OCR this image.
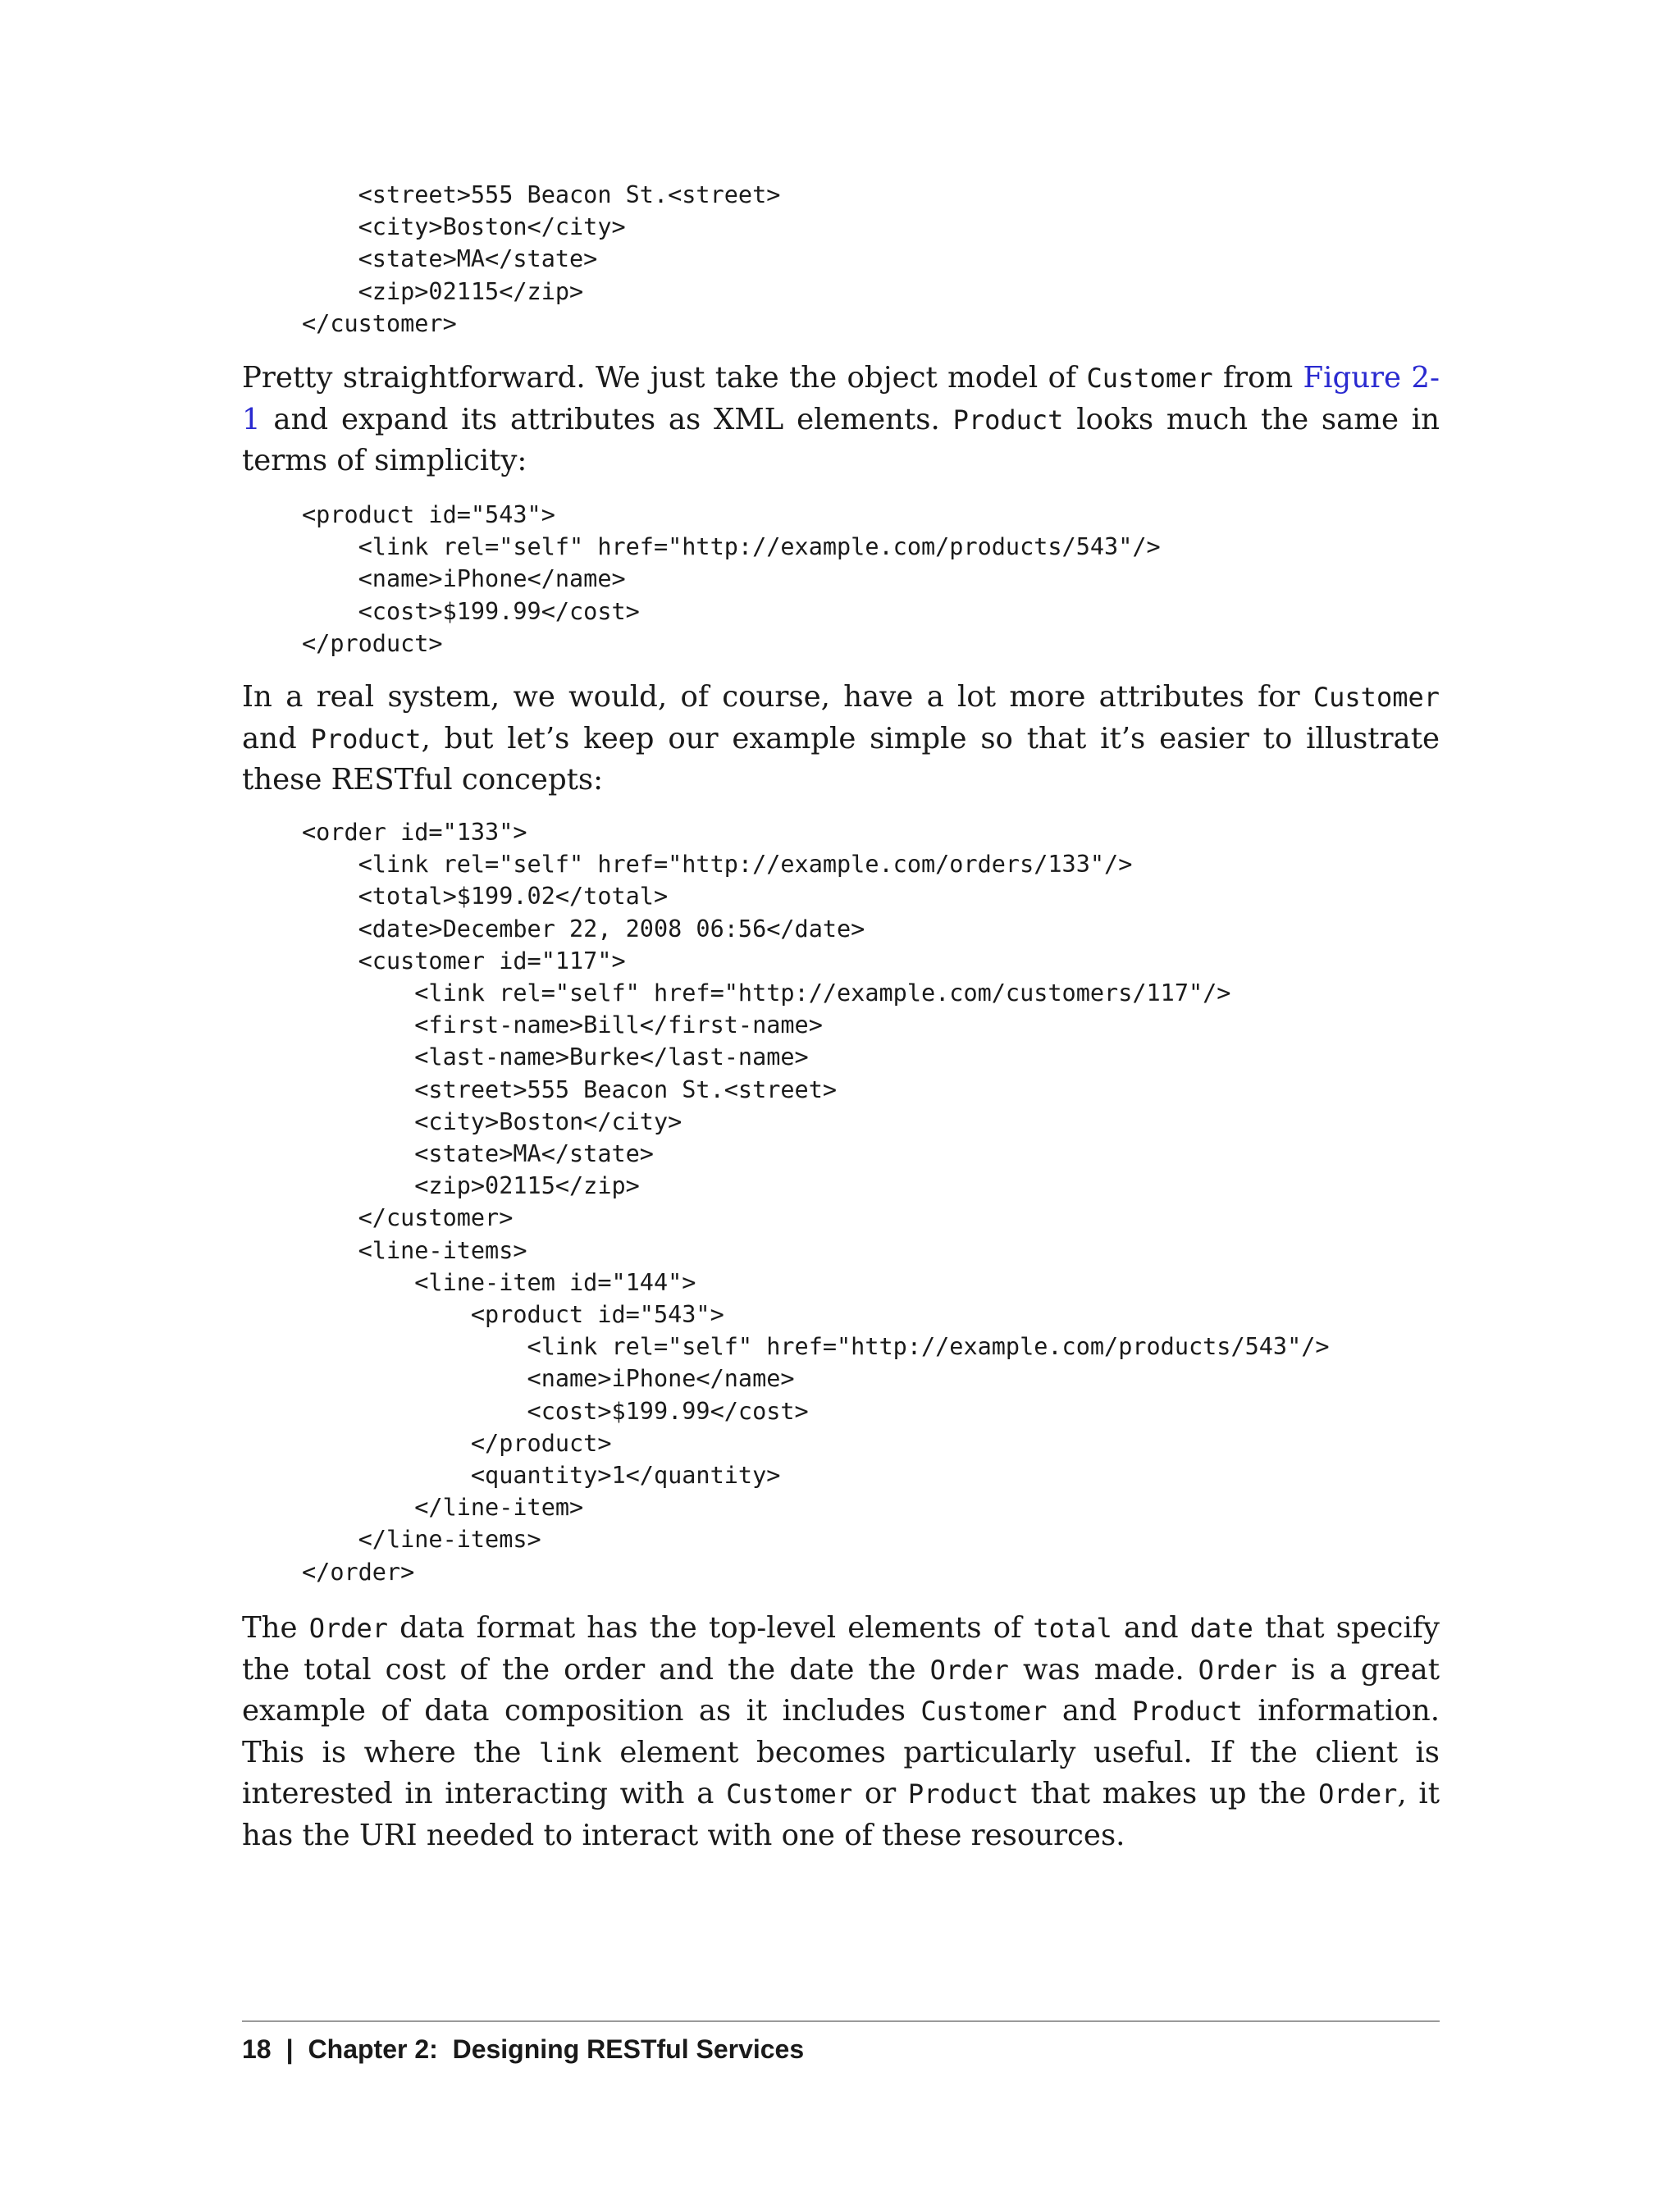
<street>555 Beacon St.<street>
<city>Boston</city>
<state>MA</state>
<zip>02115</zip>
</customer>
Pretty straightforward. We just take the object model of Customer from Figure 2-1 and expand its attributes as XML elements. Product looks much the same in terms of simplicity:
<product id="543">
<link rel="self" href="http://example.com/products/543"/>
<name>iPhone</name>
<cost>$199.99</cost>
</product>
In a real system, we would, of course, have a lot more attributes for Customer and Product, but let’s keep our example simple so that it’s easier to illustrate these RESTful concepts:
<order id="133">
<link rel="self" href="http://example.com/orders/133"/>
<total>$199.02</total>
<date>December 22, 2008 06:56</date>
<customer id="117">
<link rel="self" href="http://example.com/customers/117"/>
<first-name>Bill</first-name>
<last-name>Burke</last-name>
<street>555 Beacon St.<street>
<city>Boston</city>
<state>MA</state>
<zip>02115</zip>
</customer>
<line-items>
<line-item id="144">
<product id="543">
<link rel="self" href="http://example.com/products/543"/>
<name>iPhone</name>
<cost>$199.99</cost>
</product>
<quantity>1</quantity>
</line-item>
</line-items>
</order>
The Order data format has the top-level elements of total and date that specify the total cost of the order and the date the Order was made. Order is a great example of data composition as it includes Customer and Product information. This is where the link element becomes particularly useful. If the client is interested in interacting with a Customer or Product that makes up the Order, it has the URI needed to interact with one of these resources.
18 | Chapter 2:  Designing RESTful Services
